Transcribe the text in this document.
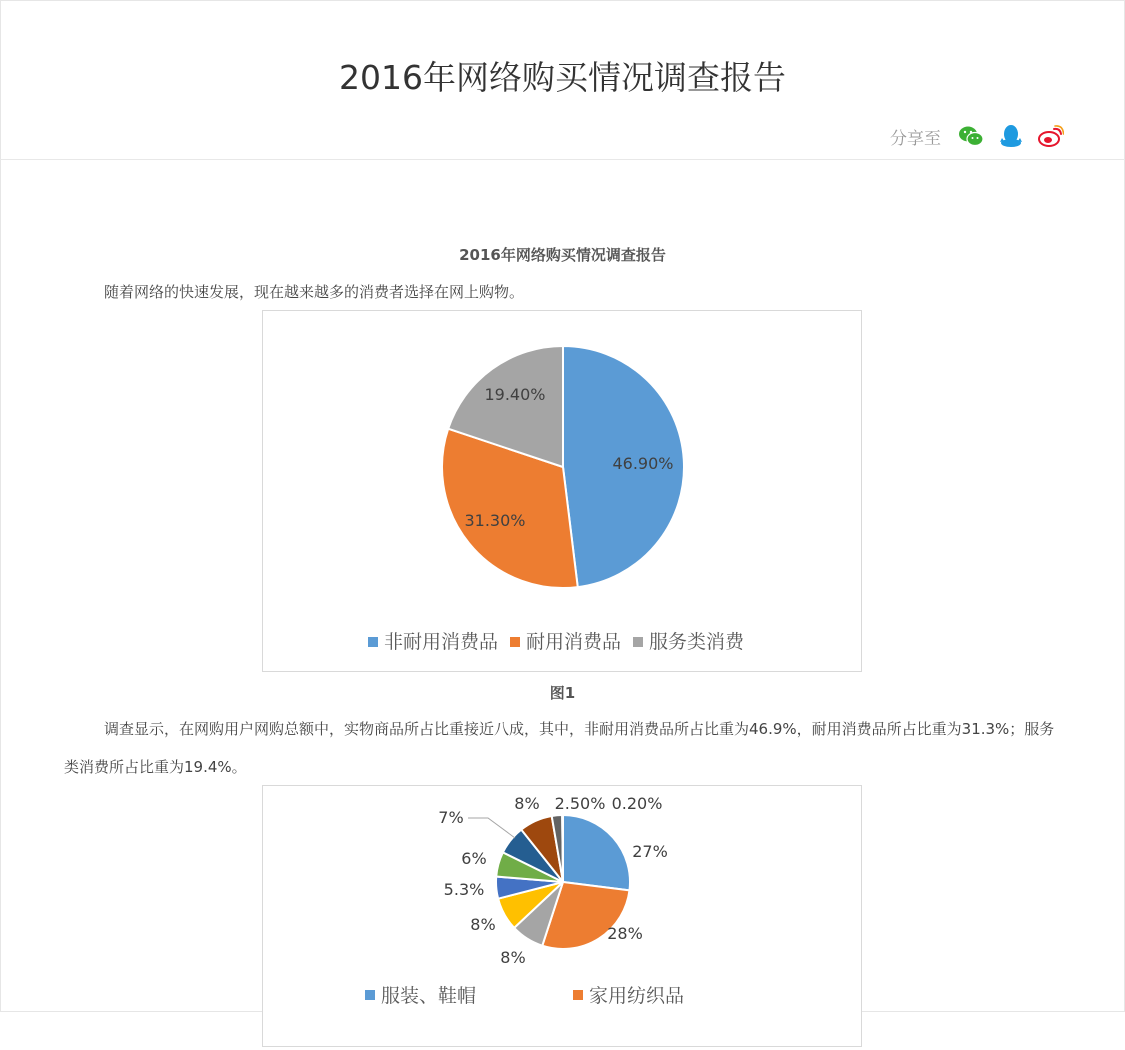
2016年网络购买情况调查报告
分享至
2016年网络购买情况调查报告

随着网络的快速发展，现在越来越多的消费者选择在网上购物。

46.90%
31.30%
19.40%
非耐用消费品 耐用消费品 服务类消费
图1

调查显示，在网购用户网购总额中，实物商品所占比重接近八成，其中，非耐用消费品所占比重为46.9%，耐用消费品所占比重为31.3%；服务类消费所占比重为19.4%。

27%
28%
8%
8%
5.3%
6%
7%
8% 2.50% 0.20%
服装、鞋帽	家用纺织品
